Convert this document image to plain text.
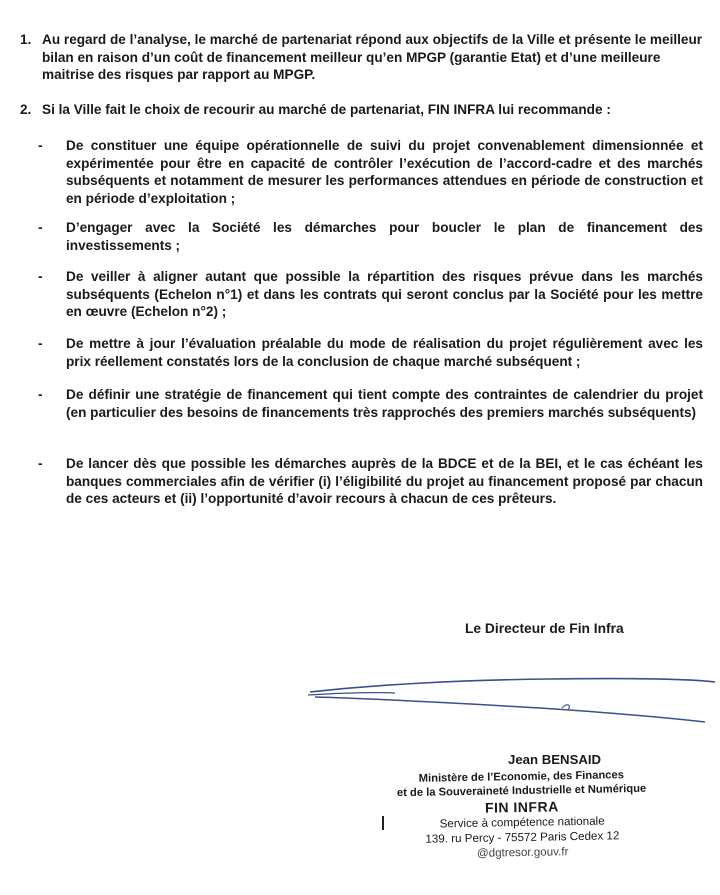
1. Au regard de l’analyse, le marché de partenariat répond aux objectifs de la Ville et présente le meilleur bilan en raison d’un coût de financement meilleur qu’en MPGP (garantie Etat) et d’une meilleure maitrise des risques par rapport au MPGP.
2. Si la Ville fait le choix de recourir au marché de partenariat, FIN INFRA lui recommande :
- De constituer une équipe opérationnelle de suivi du projet convenablement dimensionnée et expérimentée pour être en capacité de contrôler l’exécution de l’accord-cadre et des marchés subséquents et notamment de mesurer les performances attendues en période de construction et en période d’exploitation ;
- D’engager avec la Société les démarches pour boucler le plan de financement des investissements ;
- De veiller à aligner autant que possible la répartition des risques prévue dans les marchés subséquents (Echelon n°1) et dans les contrats qui seront conclus par la Société pour les mettre en œuvre (Echelon n°2) ;
- De mettre à jour l’évaluation préalable du mode de réalisation du projet régulièrement avec les prix réellement constatés lors de la conclusion de chaque marché subséquent ;
- De définir une stratégie de financement qui tient compte des contraintes de calendrier du projet (en particulier des besoins de financements très rapprochés des premiers marchés subséquents)
- De lancer dès que possible les démarches auprès de la BDCE et de la BEI, et le cas échéant les banques commerciales afin de vérifier (i) l’éligibilité du projet au financement proposé par chacun de ces acteurs et (ii) l’opportunité d’avoir recours à chacun de ces prêteurs.
Le Directeur de Fin Infra
Jean BENSAID
Ministère de l’Economie, des Finances
et de la Souveraineté Industrielle et Numérique
FIN INFRA
Service à compétence nationale
139. ru Percy - 75572 Paris Cedex 12
@dgtresor.gouv.fr
